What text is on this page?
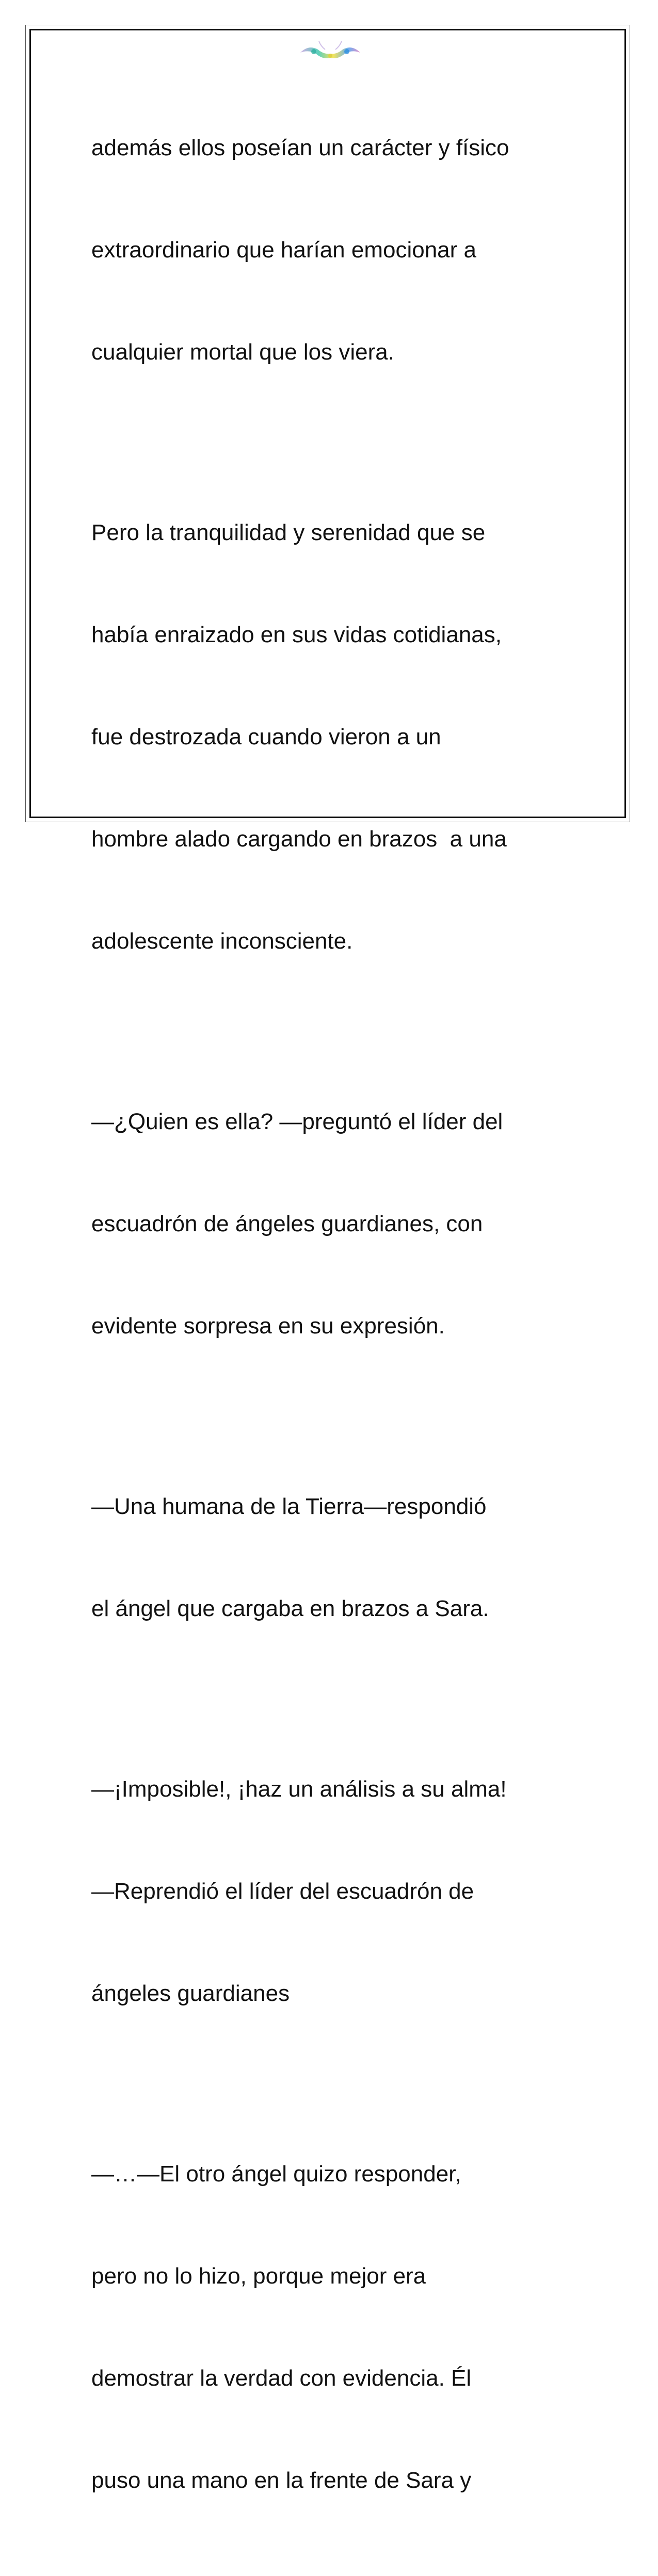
además ellos poseían un carácter y físico

extraordinario que harían emocionar a

cualquier mortal que los viera.

Pero la tranquilidad y serenidad que se

había enraizado en sus vidas cotidianas,

fue destrozada cuando vieron a un

hombre alado cargando en brazos  a una

adolescente inconsciente.

—¿Quien es ella? —preguntó el líder del

escuadrón de ángeles guardianes, con

evidente sorpresa en su expresión.

—Una humana de la Tierra—respondió

el ángel que cargaba en brazos a Sara.

—¡Imposible!, ¡haz un análisis a su alma!

—Reprendió el líder del escuadrón de

ángeles guardianes

—…—El otro ángel quizo responder,

pero no lo hizo, porque mejor era

demostrar la verdad con evidencia. Él

puso una mano en la frente de Sara y
